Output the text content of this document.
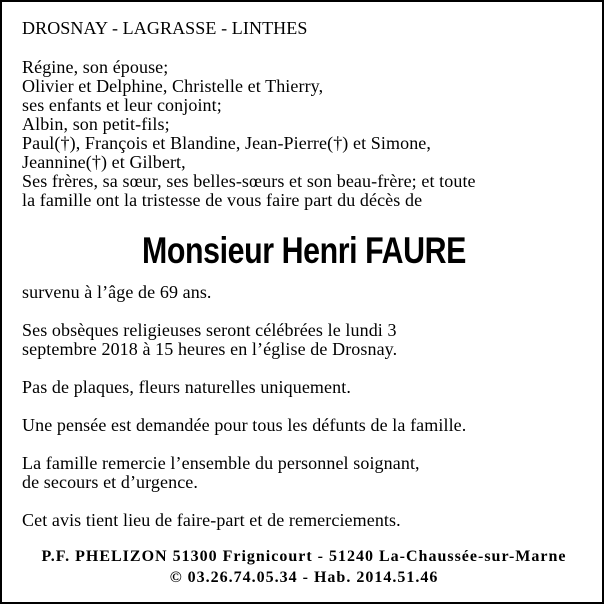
DROSNAY - LAGRASSE - LINTHES

Régine, son épouse;

Olivier et Delphine, Christelle et Thierry,

ses enfants et leur conjoint;

Albin, son petit-fils;

Paul(†), François et Blandine, Jean-Pierre(†) et Simone,

Jeannine(†) et Gilbert,

Ses frères, sa sœur, ses belles-sœurs et son beau-frère; et toute

la famille ont la tristesse de vous faire part du décès de

Monsieur Henri FAURE

survenu à l’âge de 69 ans.

Ses obsèques religieuses seront célébrées le lundi 3

septembre 2018 à 15 heures en l’église de Drosnay.

Pas de plaques, fleurs naturelles uniquement.

Une pensée est demandée pour tous les défunts de la famille.

La famille remercie l’ensemble du personnel soignant,

de secours et d’urgence.

Cet avis tient lieu de faire-part et de remerciements.

P.F. PHELIZON 51300 Frignicourt - 51240 La-Chaussée-sur-Marne

© 03.26.74.05.34 - Hab. 2014.51.46
